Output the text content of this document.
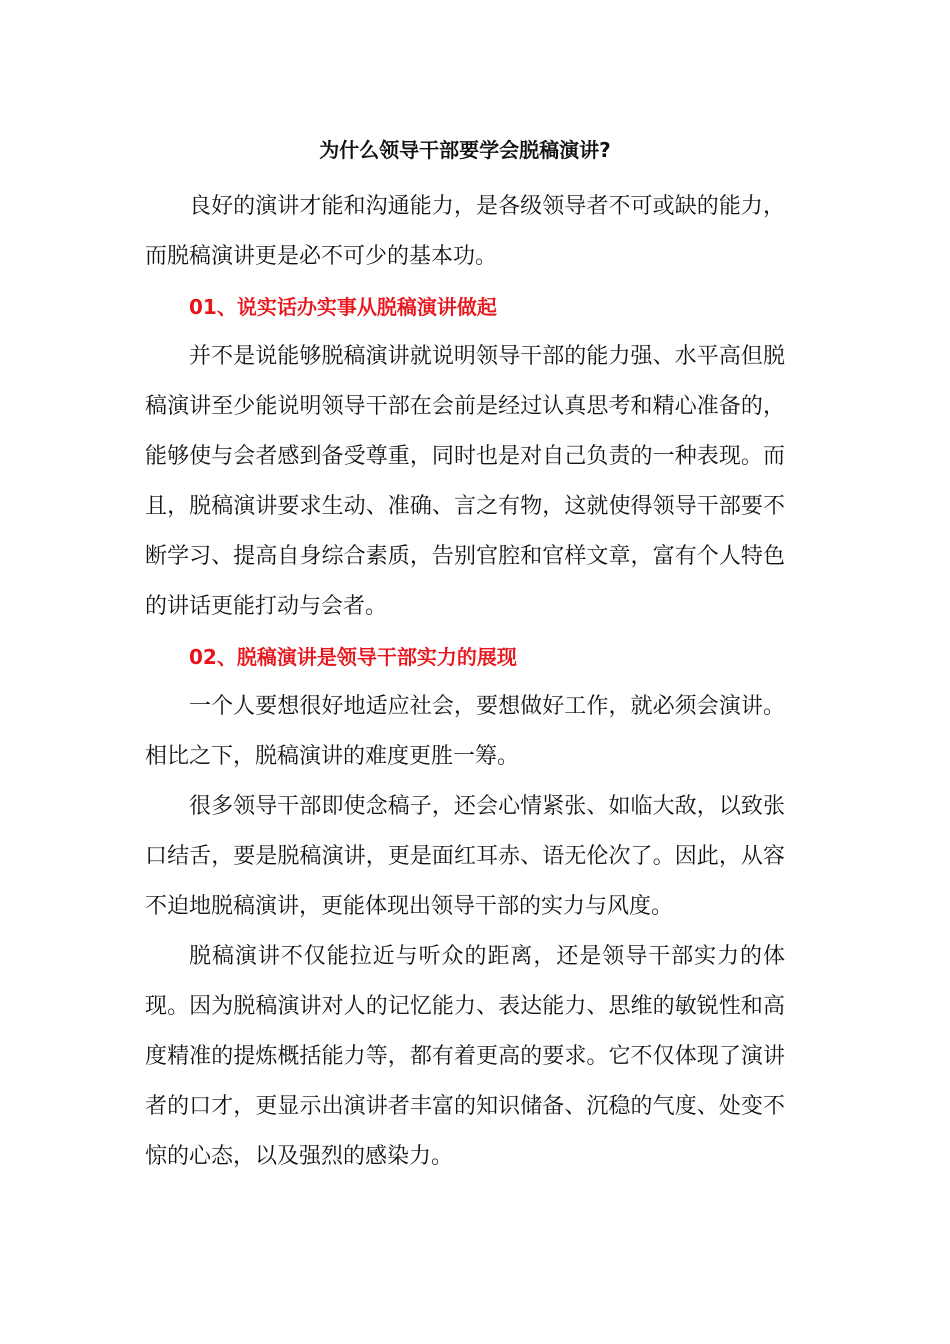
为什么领导干部要学会脱稿演讲?

良好的演讲才能和沟通能力，是各级领导者不可或缺的能力，而脱稿演讲更是必不可少的基本功。

01、说实话办实事从脱稿演讲做起

并不是说能够脱稿演讲就说明领导干部的能力强、水平高但脱稿演讲至少能说明领导干部在会前是经过认真思考和精心准备的，能够使与会者感到备受尊重，同时也是对自己负责的一种表现。而且，脱稿演讲要求生动、准确、言之有物，这就使得领导干部要不断学习、提高自身综合素质，告别官腔和官样文章，富有个人特色的讲话更能打动与会者。

02、脱稿演讲是领导干部实力的展现

一个人要想很好地适应社会，要想做好工作，就必须会演讲。相比之下，脱稿演讲的难度更胜一筹。

很多领导干部即使念稿子，还会心情紧张、如临大敌，以致张口结舌，要是脱稿演讲，更是面红耳赤、语无伦次了。因此，从容不迫地脱稿演讲，更能体现出领导干部的实力与风度。

脱稿演讲不仅能拉近与听众的距离，还是领导干部实力的体现。因为脱稿演讲对人的记忆能力、表达能力、思维的敏锐性和高度精准的提炼概括能力等，都有着更高的要求。它不仅体现了演讲者的口才，更显示出演讲者丰富的知识储备、沉稳的气度、处变不惊的心态，以及强烈的感染力。
